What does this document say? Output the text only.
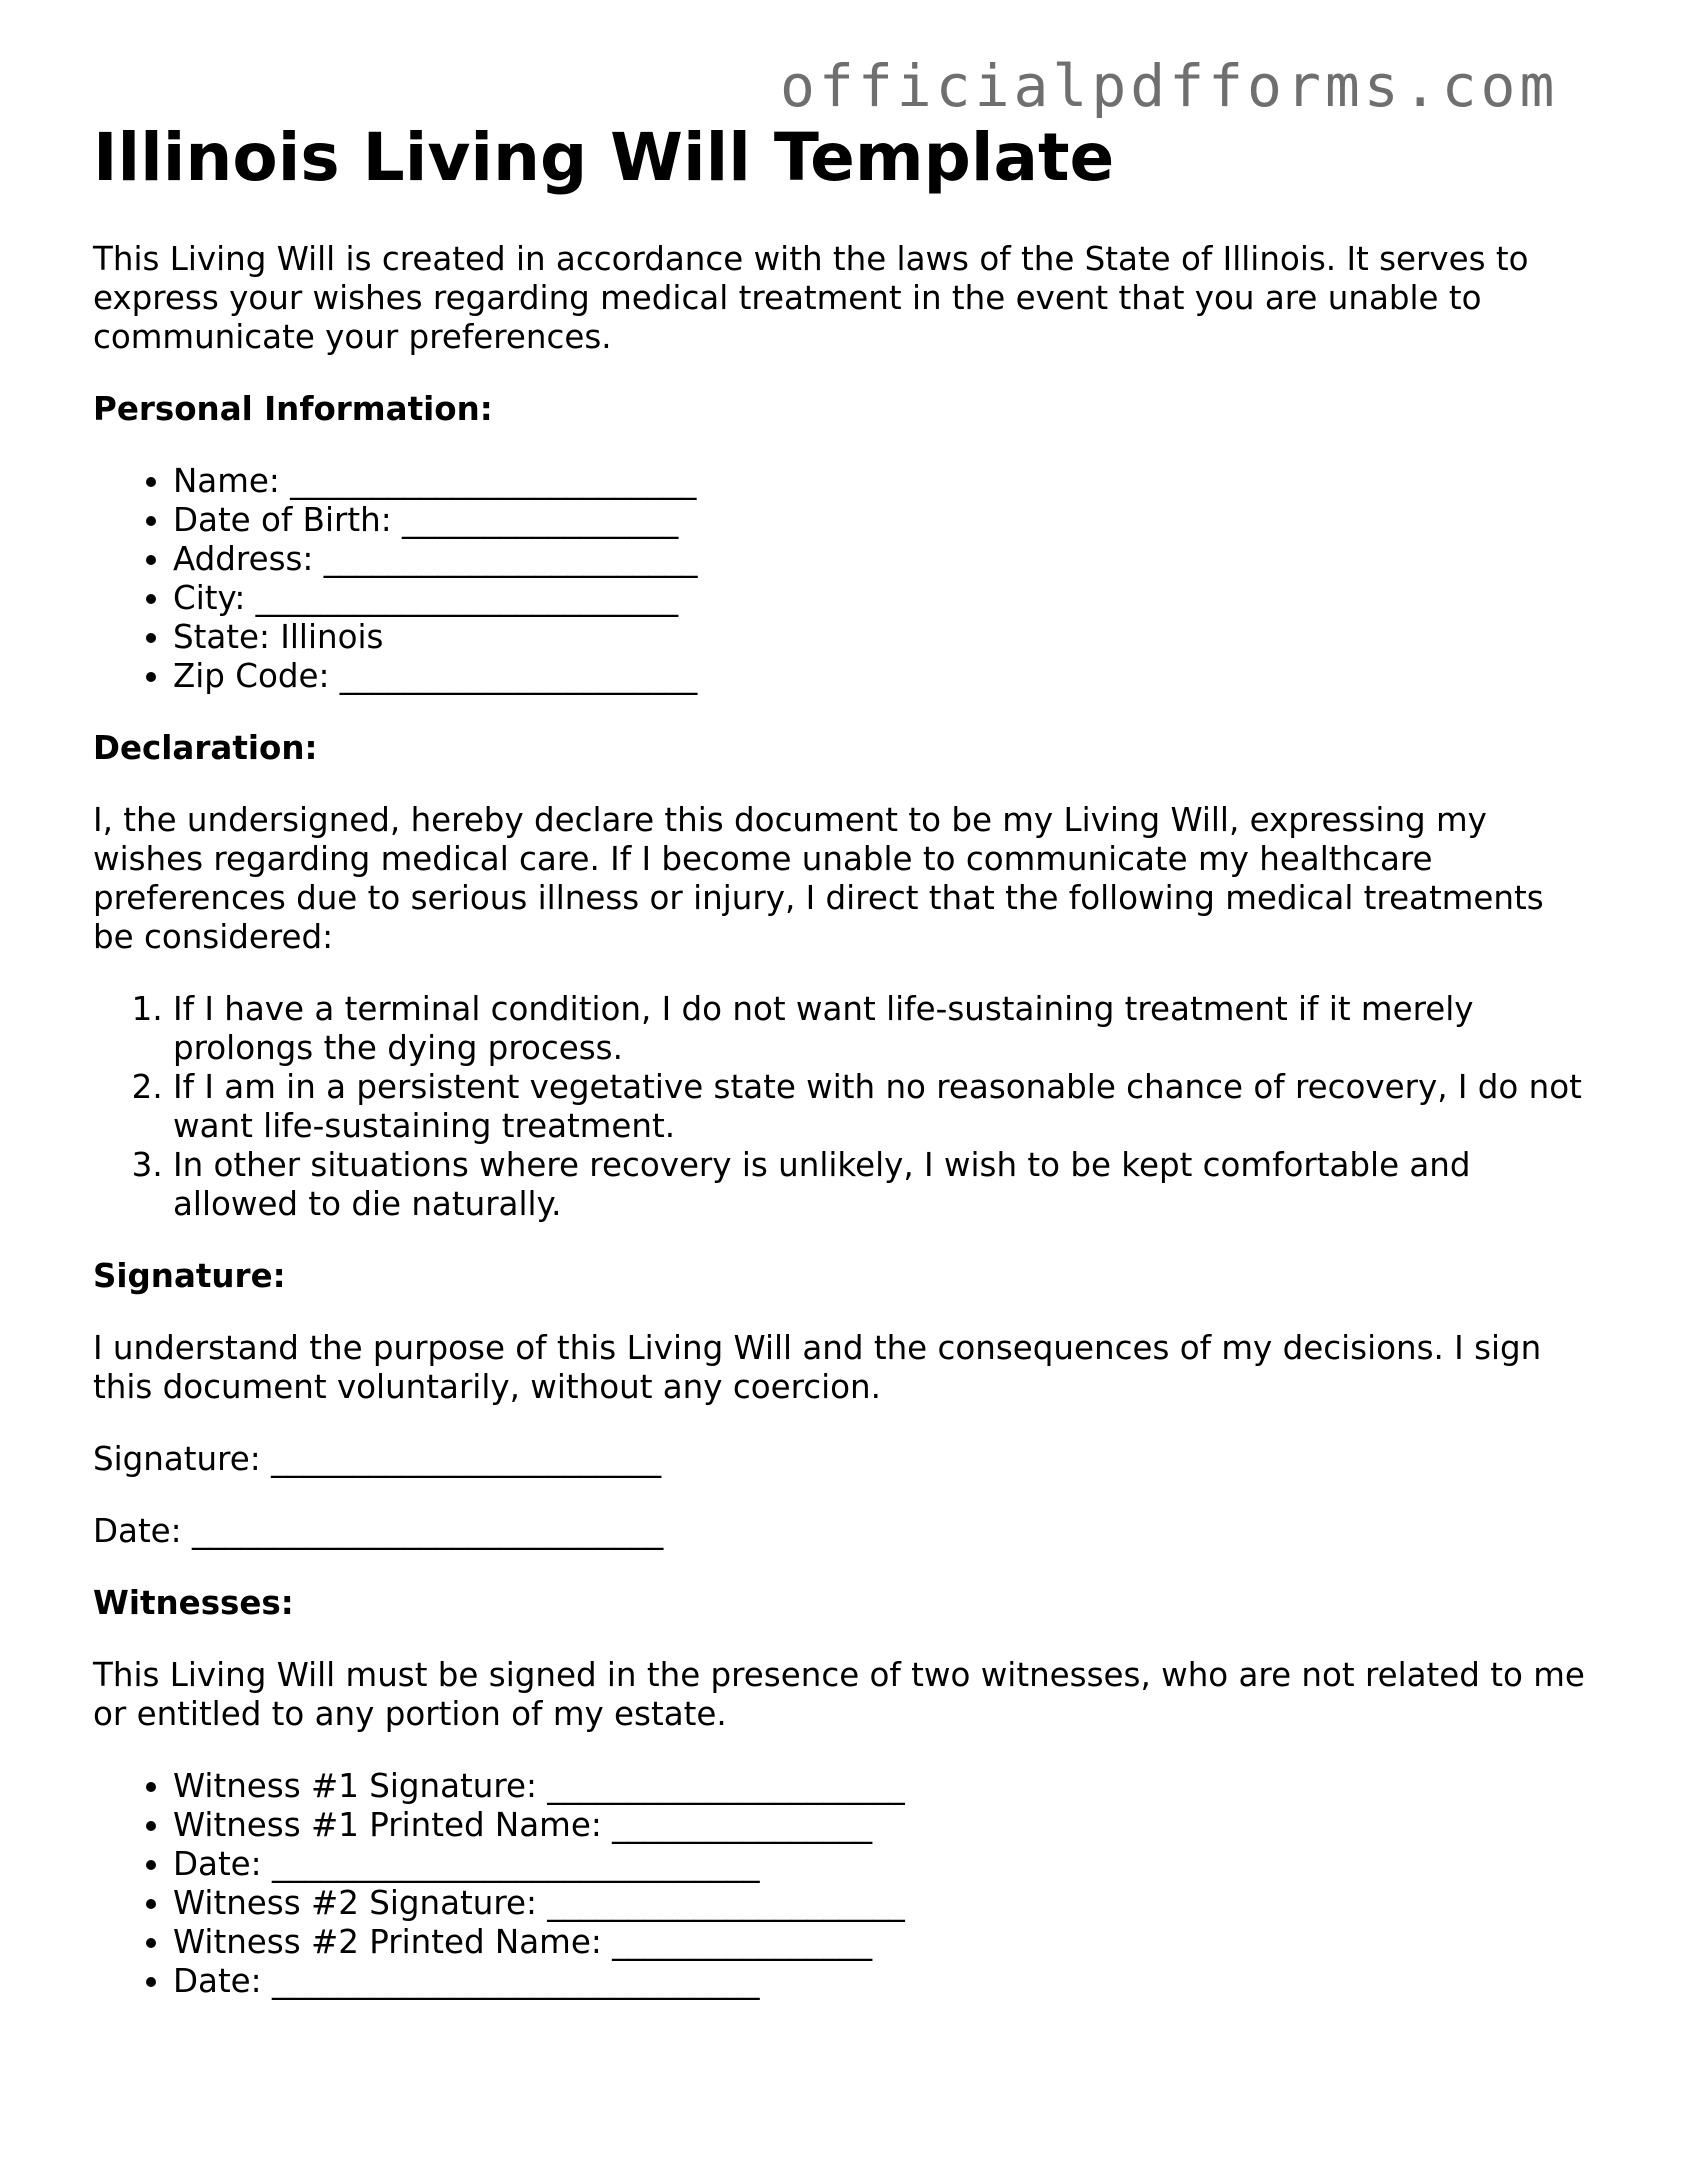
officialpdfforms.com
Illinois Living Will Template

This Living Will is created in accordance with the laws of the State of Illinois. It serves to express your wishes regarding medical treatment in the event that you are unable to communicate your preferences.

Personal Information:
• Name: _________________________
• Date of Birth: _________________
• Address: _______________________
• City: __________________________
• State: Illinois
• Zip Code: ______________________
Declaration:

I, the undersigned, hereby declare this document to be my Living Will, expressing my wishes regarding medical care. If I become unable to communicate my healthcare preferences due to serious illness or injury, I direct that the following medical treatments be considered:

1. If I have a terminal condition, I do not want life-sustaining treatment if it merely prolongs the dying process.
2. If I am in a persistent vegetative state with no reasonable chance of recovery, I do not want life-sustaining treatment.
3. In other situations where recovery is unlikely, I wish to be kept comfortable and allowed to die naturally.
Signature:

I understand the purpose of this Living Will and the consequences of my decisions. I sign this document voluntarily, without any coercion.

Signature: ________________________

Date: _____________________________

Witnesses:

This Living Will must be signed in the presence of two witnesses, who are not related to me or entitled to any portion of my estate.

• Witness #1 Signature: ______________________
• Witness #1 Printed Name: ________________
• Date: ______________________________
• Witness #2 Signature: ______________________
• Witness #2 Printed Name: ________________
• Date: ______________________________
